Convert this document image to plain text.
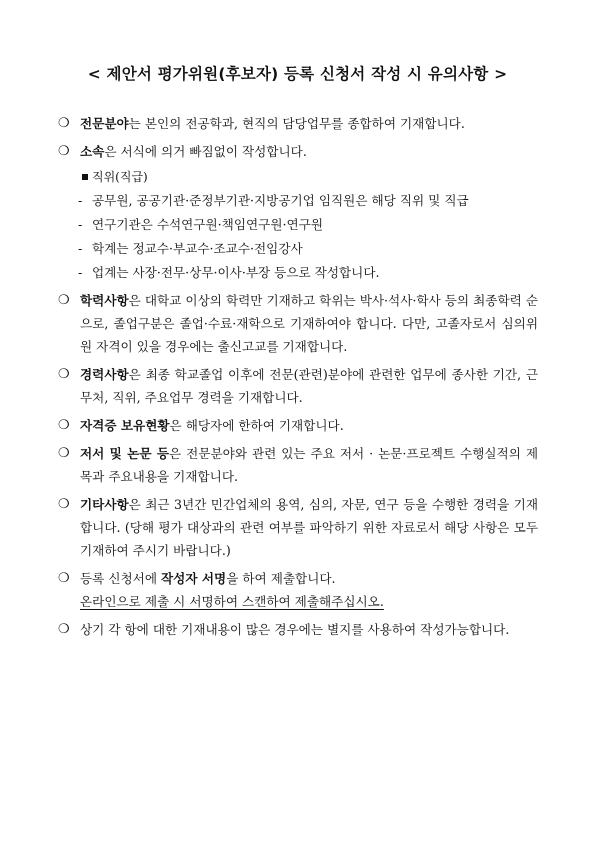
< 제안서 평가위원(후보자) 등록 신청서 작성 시 유의사항 >
❍ 전문분야는 본인의 전공학과, 현직의 담당업무를 종합하여 기재합니다.
❍ 소속은 서식에 의거 빠짐없이 작성합니다.
직위(직급)
- 공무원, 공공기관·준정부기관·지방공기업 임직원은 해당 직위 및 직급
- 연구기관은 수석연구원·책임연구원·연구원
- 학계는 정교수·부교수·조교수·전임강사
- 업계는 사장·전무·상무·이사·부장 등으로 작성합니다.
❍ 학력사항은 대학교 이상의 학력만 기재하고 학위는 박사·석사·학사 등의 최종학력 순으로, 졸업구분은 졸업·수료·재학으로 기재하여야 합니다. 다만, 고졸자로서 심의위원 자격이 있을 경우에는 출신고교를 기재합니다.
❍ 경력사항은 최종 학교졸업 이후에 전문(관련)분야에 관련한 업무에 종사한 기간, 근무처, 직위, 주요업무 경력을 기재합니다.
❍ 자격증 보유현황은 해당자에 한하여 기재합니다.
❍ 저서 및 논문 등은 전문분야와 관련 있는 주요 저서 · 논문·프로젝트 수행실적의 제목과 주요내용을 기재합니다.
❍ 기타사항은 최근 3년간 민간업체의 용역, 심의, 자문, 연구 등을 수행한 경력을 기재합니다. (당해 평가 대상과의 관련 여부를 파악하기 위한 자료로서 해당 사항은 모두 기재하여 주시기 바랍니다.)
❍ 등록 신청서에 작성자 서명을 하여 제출합니다.
온라인으로 제출 시 서명하여 스캔하여 제출해주십시오.
❍ 상기 각 항에 대한 기재내용이 많은 경우에는 별지를 사용하여 작성가능합니다.
